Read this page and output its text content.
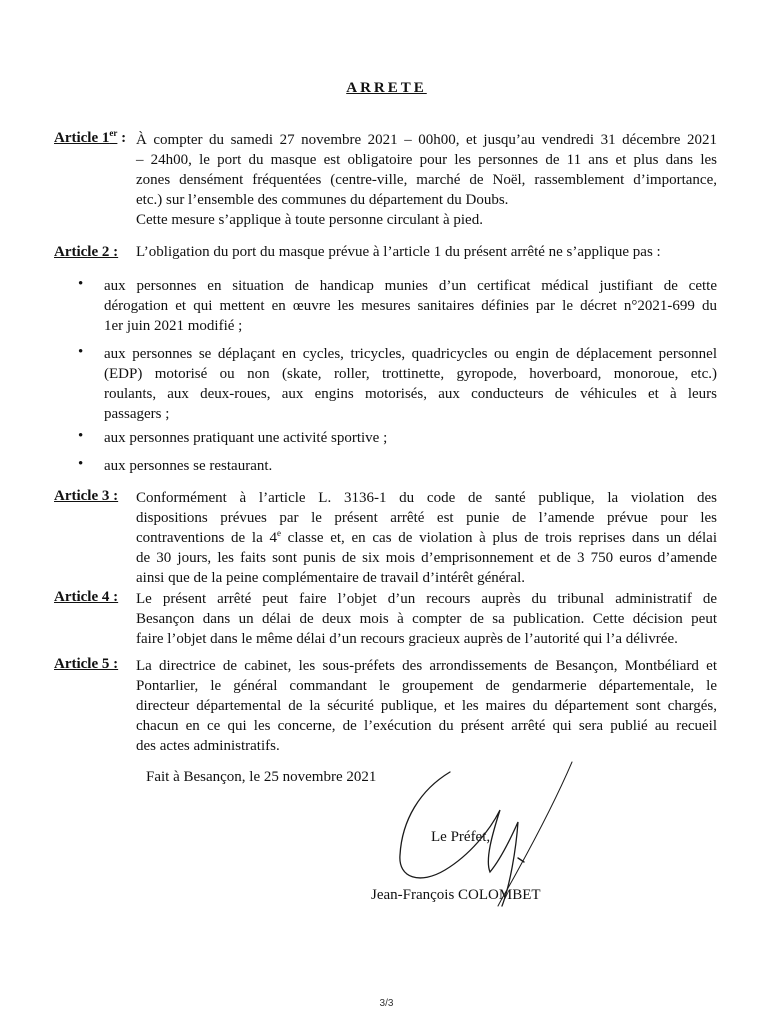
ARRETE
Article 1er : À compter du samedi 27 novembre 2021 – 00h00, et jusqu’au vendredi 31 décembre 2021
– 24h00, le port du masque est obligatoire pour les personnes de 11 ans et plus dans les
zones densément fréquentées (centre-ville, marché de Noël, rassemblement d’importance,
etc.) sur l’ensemble des communes du département du Doubs.
Cette mesure s’applique à toute personne circulant à pied.
Article 2 : L’obligation du port du masque prévue à l’article 1 du présent arrêté ne s’applique pas :
• aux personnes en situation de handicap munies d’un certificat médical justifiant de cette
dérogation et qui mettent en œuvre les mesures sanitaires définies par le décret n°2021-699 du
1er juin 2021 modifié ;
• aux personnes se déplaçant en cycles, tricycles, quadricycles ou engin de déplacement personnel
(EDP) motorisé ou non (skate, roller, trottinette, gyropode, hoverboard, monoroue, etc.)
roulants, aux deux-roues, aux engins motorisés, aux conducteurs de véhicules et à leurs
passagers ;
• aux personnes pratiquant une activité sportive ;
• aux personnes se restaurant.
Article 3 : Conformément à l’article L. 3136-1 du code de santé publique, la violation des
dispositions prévues par le présent arrêté est punie de l’amende prévue pour les
contraventions de la 4e classe et, en cas de violation à plus de trois reprises dans un délai
de 30 jours, les faits sont punis de six mois d’emprisonnement et de 3 750 euros d’amende
ainsi que de la peine complémentaire de travail d’intérêt général.
Article 4 : Le présent arrêté peut faire l’objet d’un recours auprès du tribunal administratif de
Besançon dans un délai de deux mois à compter de sa publication. Cette décision peut
faire l’objet dans le même délai d’un recours gracieux auprès de l’autorité qui l’a délivrée.
Article 5 : La directrice de cabinet, les sous-préfets des arrondissements de Besançon, Montbéliard et
Pontarlier, le général commandant le groupement de gendarmerie départementale, le
directeur départemental de la sécurité publique, et les maires du département sont chargés,
chacun en ce qui les concerne, de l’exécution du présent arrêté qui sera publié au recueil
des actes administratifs.
Fait à Besançon, le 25 novembre 2021
Le Préfet,
Jean-François COLOMBET
3/3
